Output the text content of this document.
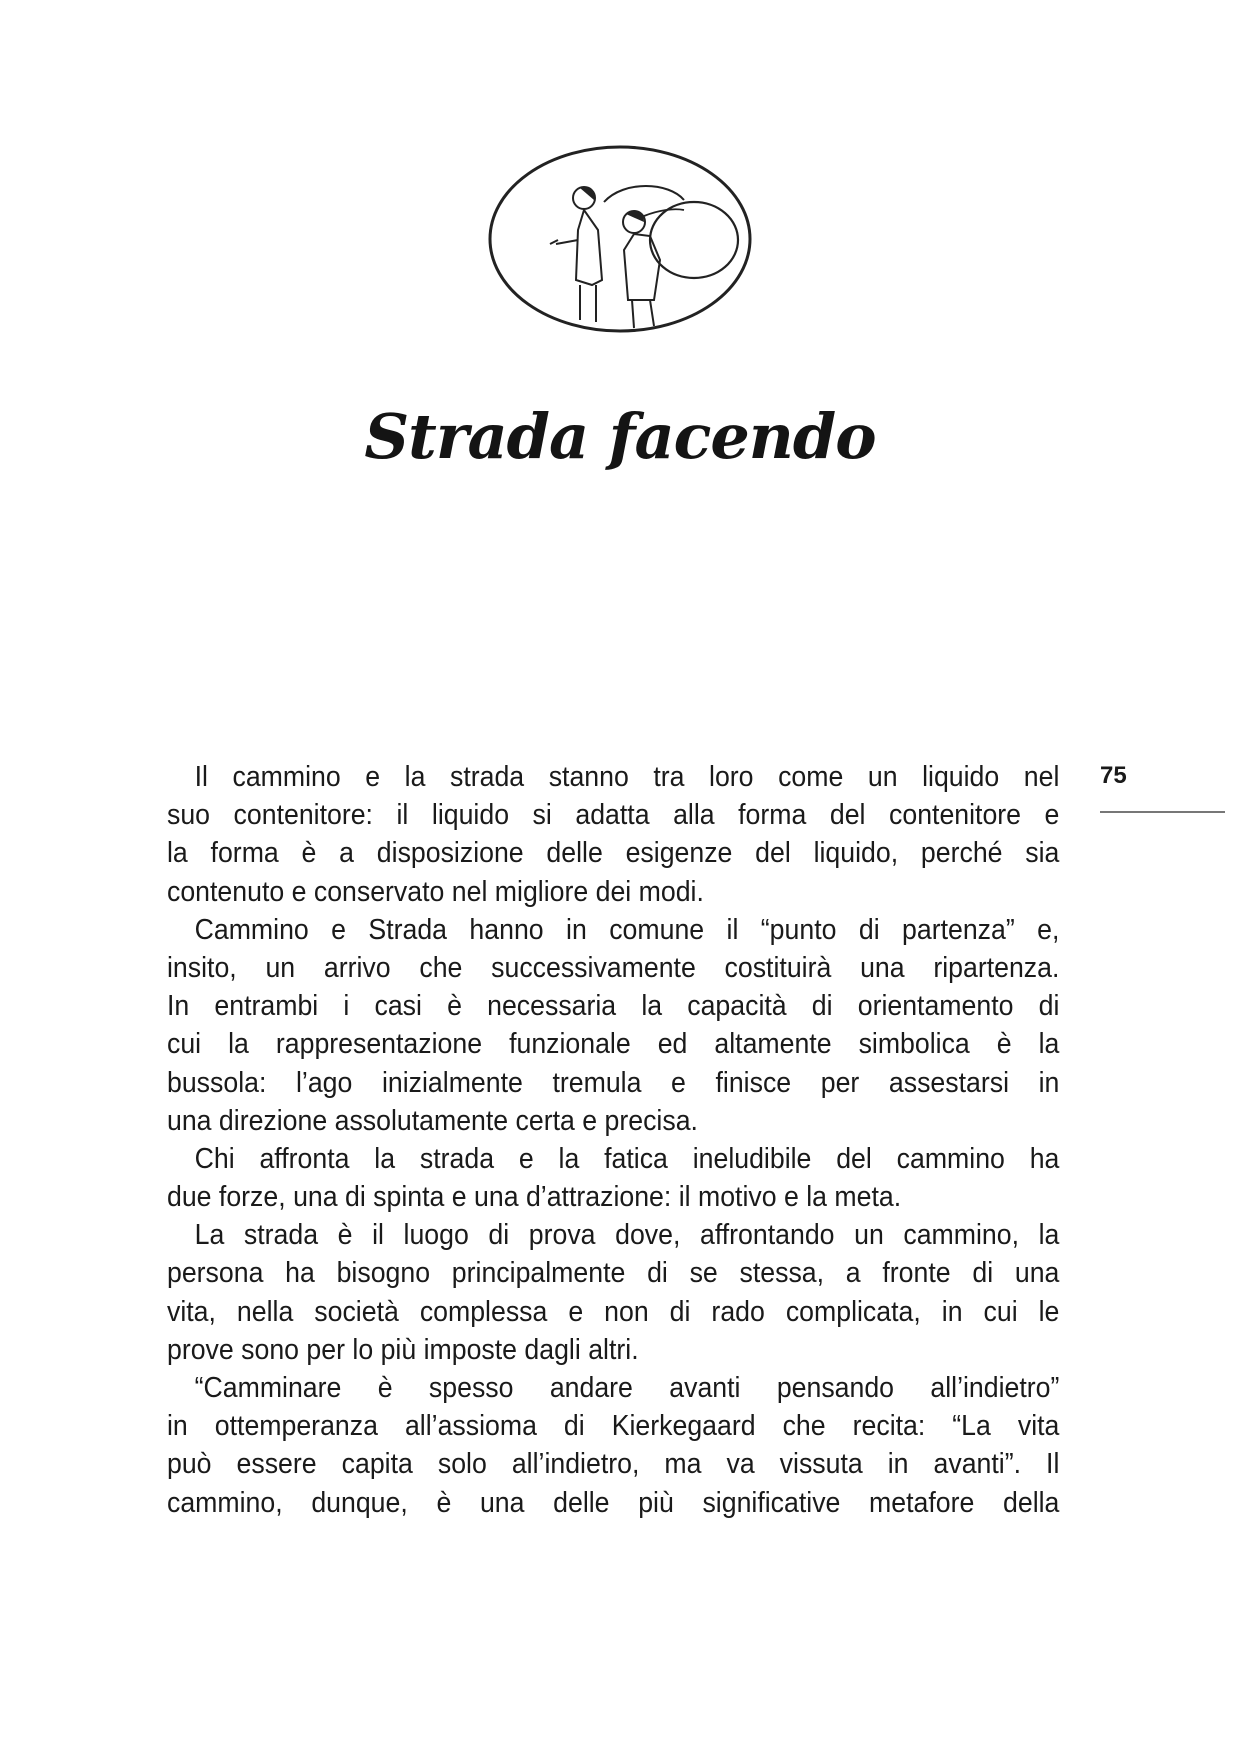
Strada facendo
75
Il cammino e la strada stanno tra loro come un liquido nel
suo contenitore: il liquido si adatta alla forma del contenitore e
la forma è a disposizione delle esigenze del liquido, perché sia
contenuto e conservato nel migliore dei modi.
Cammino e Strada hanno in comune il “punto di partenza” e,
insito, un arrivo che successivamente costituirà una ripartenza.
In entrambi i casi è necessaria la capacità di orientamento di
cui la rappresentazione funzionale ed altamente simbolica è la
bussola: l’ago inizialmente tremula e finisce per assestarsi in
una direzione assolutamente certa e precisa.
Chi affronta la strada e la fatica ineludibile del cammino ha
due forze, una di spinta e una d’attrazione: il motivo e la meta.
La strada è il luogo di prova dove, affrontando un cammino, la
persona ha bisogno principalmente di se stessa, a fronte di una
vita, nella società complessa e non di rado complicata, in cui le
prove sono per lo più imposte dagli altri.
“Camminare è spesso andare avanti pensando all’indietro”
in ottemperanza all’assioma di Kierkegaard che recita: “La vita
può essere capita solo all’indietro, ma va vissuta in avanti”. Il
cammino, dunque, è una delle più significative metafore della
